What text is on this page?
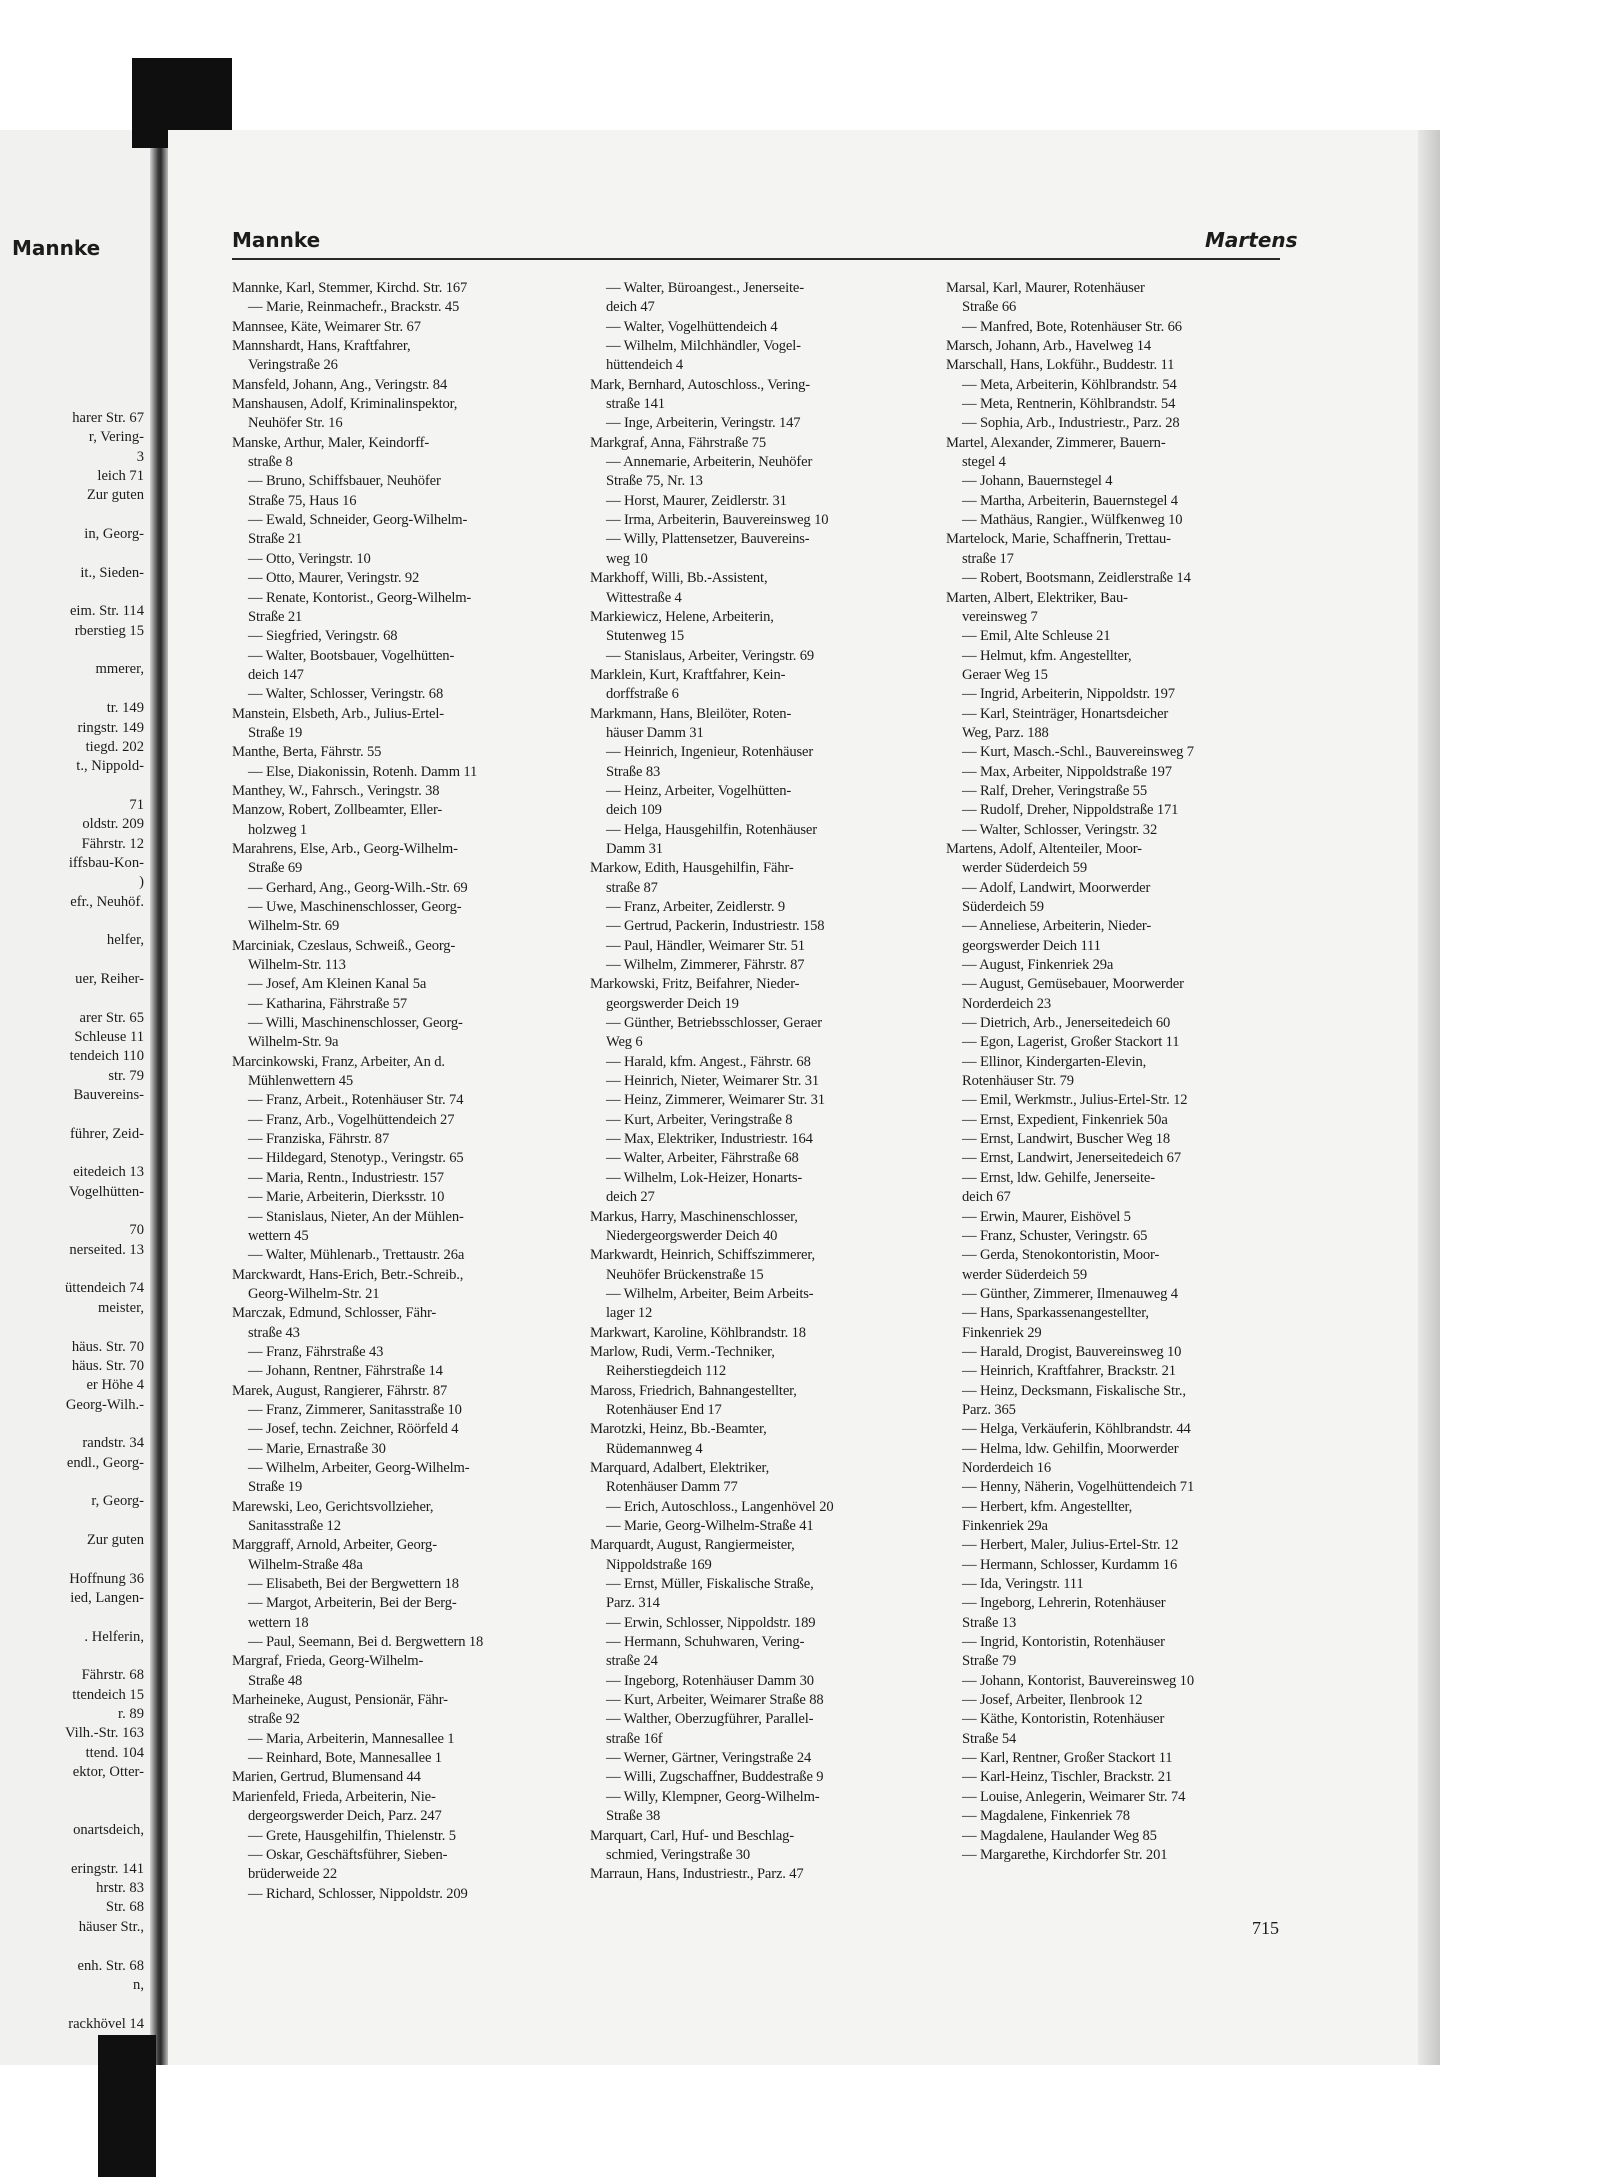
harer Str. 67
r, Vering-
3
leich 71
Zur guten
in, Georg-
it., Sieden-
eim. Str. 114
rberstieg 15
mmerer,
tr. 149
ringstr. 149
tiegd. 202
t., Nippold-
71
oldstr. 209
Fährstr. 12
iffsbau-Kon-
)
efr., Neuhöf.
helfer,
uer, Reiher-
arer Str. 65
Schleuse 11
tendeich 110
str. 79
Bauvereins-
führer, Zeid-
eitedeich 13
Vogelhütten-
70
nerseited. 13
üttendeich 74
meister,
häus. Str. 70
häus. Str. 70
er Höhe 4
Georg-Wilh.-
randstr. 34
endl., Georg-
r, Georg-
Zur guten
Hoffnung 36
ied, Langen-
. Helferin,
Fährstr. 68
ttendeich 15
r. 89
Vilh.-Str. 163
ttend. 104
ektor, Otter-
onartsdeich,
eringstr. 141
hrstr. 83
Str. 68
häuser Str.,
enh. Str. 68
n,
rackhövel 14
Mannke	Mannke	Martens
Mannke, Karl, Stemmer, Kirchd. Str. 167
— Marie, Reinmachefr., Brackstr. 45
Mannsee, Käte, Weimarer Str. 67
Mannshardt, Hans, Kraftfahrer,
Veringstraße 26
Mansfeld, Johann, Ang., Veringstr. 84
Manshausen, Adolf, Kriminalinspektor,
Neuhöfer Str. 16
Manske, Arthur, Maler, Keindorff-
straße 8
— Bruno, Schiffsbauer, Neuhöfer
Straße 75, Haus 16
— Ewald, Schneider, Georg-Wilhelm-
Straße 21
— Otto, Veringstr. 10
— Otto, Maurer, Veringstr. 92
— Renate, Kontorist., Georg-Wilhelm-
Straße 21
— Siegfried, Veringstr. 68
— Walter, Bootsbauer, Vogelhütten-
deich 147
— Walter, Schlosser, Veringstr. 68
Manstein, Elsbeth, Arb., Julius-Ertel-
Straße 19
Manthe, Berta, Fährstr. 55
— Else, Diakonissin, Rotenh. Damm 11
Manthey, W., Fahrsch., Veringstr. 38
Manzow, Robert, Zollbeamter, Eller-
holzweg 1
Marahrens, Else, Arb., Georg-Wilhelm-
Straße 69
— Gerhard, Ang., Georg-Wilh.-Str. 69
— Uwe, Maschinenschlosser, Georg-
Wilhelm-Str. 69
Marciniak, Czeslaus, Schweiß., Georg-
Wilhelm-Str. 113
— Josef, Am Kleinen Kanal 5a
— Katharina, Fährstraße 57
— Willi, Maschinenschlosser, Georg-
Wilhelm-Str. 9a
Marcinkowski, Franz, Arbeiter, An d.
Mühlenwettern 45
— Franz, Arbeit., Rotenhäuser Str. 74
— Franz, Arb., Vogelhüttendeich 27
— Franziska, Fährstr. 87
— Hildegard, Stenotyp., Veringstr. 65
— Maria, Rentn., Industriestr. 157
— Marie, Arbeiterin, Dierksstr. 10
— Stanislaus, Nieter, An der Mühlen-
wettern 45
— Walter, Mühlenarb., Trettaustr. 26a
Marckwardt, Hans-Erich, Betr.-Schreib.,
Georg-Wilhelm-Str. 21
Marczak, Edmund, Schlosser, Fähr-
straße 43
— Franz, Fährstraße 43
— Johann, Rentner, Fährstraße 14
Marek, August, Rangierer, Fährstr. 87
— Franz, Zimmerer, Sanitasstraße 10
— Josef, techn. Zeichner, Röörfeld 4
— Marie, Ernastraße 30
— Wilhelm, Arbeiter, Georg-Wilhelm-
Straße 19
Marewski, Leo, Gerichtsvollzieher,
Sanitasstraße 12
Marggraff, Arnold, Arbeiter, Georg-
Wilhelm-Straße 48a
— Elisabeth, Bei der Bergwettern 18
— Margot, Arbeiterin, Bei der Berg-
wettern 18
— Paul, Seemann, Bei d. Bergwettern 18
Margraf, Frieda, Georg-Wilhelm-
Straße 48
Marheineke, August, Pensionär, Fähr-
straße 92
— Maria, Arbeiterin, Mannesallee 1
— Reinhard, Bote, Mannesallee 1
Marien, Gertrud, Blumensand 44
Marienfeld, Frieda, Arbeiterin, Nie-
dergeorgswerder Deich, Parz. 247
— Grete, Hausgehilfin, Thielenstr. 5
— Oskar, Geschäftsführer, Sieben-
brüderweide 22
— Richard, Schlosser, Nippoldstr. 209
— Walter, Büroangest., Jenerseite-
deich 47
— Walter, Vogelhüttendeich 4
— Wilhelm, Milchhändler, Vogel-
hüttendeich 4
Mark, Bernhard, Autoschloss., Vering-
straße 141
— Inge, Arbeiterin, Veringstr. 147
Markgraf, Anna, Fährstraße 75
— Annemarie, Arbeiterin, Neuhöfer
Straße 75, Nr. 13
— Horst, Maurer, Zeidlerstr. 31
— Irma, Arbeiterin, Bauvereinsweg 10
— Willy, Plattensetzer, Bauvereins-
weg 10
Markhoff, Willi, Bb.-Assistent,
Wittestraße 4
Markiewicz, Helene, Arbeiterin,
Stutenweg 15
— Stanislaus, Arbeiter, Veringstr. 69
Marklein, Kurt, Kraftfahrer, Kein-
dorffstraße 6
Markmann, Hans, Bleilöter, Roten-
häuser Damm 31
— Heinrich, Ingenieur, Rotenhäuser
Straße 83
— Heinz, Arbeiter, Vogelhütten-
deich 109
— Helga, Hausgehilfin, Rotenhäuser
Damm 31
Markow, Edith, Hausgehilfin, Fähr-
straße 87
— Franz, Arbeiter, Zeidlerstr. 9
— Gertrud, Packerin, Industriestr. 158
— Paul, Händler, Weimarer Str. 51
— Wilhelm, Zimmerer, Fährstr. 87
Markowski, Fritz, Beifahrer, Nieder-
georgswerder Deich 19
— Günther, Betriebsschlosser, Geraer
Weg 6
— Harald, kfm. Angest., Fährstr. 68
— Heinrich, Nieter, Weimarer Str. 31
— Heinz, Zimmerer, Weimarer Str. 31
— Kurt, Arbeiter, Veringstraße 8
— Max, Elektriker, Industriestr. 164
— Walter, Arbeiter, Fährstraße 68
— Wilhelm, Lok-Heizer, Honarts-
deich 27
Markus, Harry, Maschinenschlosser,
Niedergeorgswerder Deich 40
Markwardt, Heinrich, Schiffszimmerer,
Neuhöfer Brückenstraße 15
— Wilhelm, Arbeiter, Beim Arbeits-
lager 12
Markwart, Karoline, Köhlbrandstr. 18
Marlow, Rudi, Verm.-Techniker,
Reiherstiegdeich 112
Maross, Friedrich, Bahnangestellter,
Rotenhäuser End 17
Marotzki, Heinz, Bb.-Beamter,
Rüdemannweg 4
Marquard, Adalbert, Elektriker,
Rotenhäuser Damm 77
— Erich, Autoschloss., Langenhövel 20
— Marie, Georg-Wilhelm-Straße 41
Marquardt, August, Rangiermeister,
Nippoldstraße 169
— Ernst, Müller, Fiskalische Straße,
Parz. 314
— Erwin, Schlosser, Nippoldstr. 189
— Hermann, Schuhwaren, Vering-
straße 24
— Ingeborg, Rotenhäuser Damm 30
— Kurt, Arbeiter, Weimarer Straße 88
— Walther, Oberzugführer, Parallel-
straße 16f
— Werner, Gärtner, Veringstraße 24
— Willi, Zugschaffner, Buddestraße 9
— Willy, Klempner, Georg-Wilhelm-
Straße 38
Marquart, Carl, Huf- und Beschlag-
schmied, Veringstraße 30
Marraun, Hans, Industriestr., Parz. 47
Marsal, Karl, Maurer, Rotenhäuser
Straße 66
— Manfred, Bote, Rotenhäuser Str. 66
Marsch, Johann, Arb., Havelweg 14
Marschall, Hans, Lokführ., Buddestr. 11
— Meta, Arbeiterin, Köhlbrandstr. 54
— Meta, Rentnerin, Köhlbrandstr. 54
— Sophia, Arb., Industriestr., Parz. 28
Martel, Alexander, Zimmerer, Bauern-
stegel 4
— Johann, Bauernstegel 4
— Martha, Arbeiterin, Bauernstegel 4
— Mathäus, Rangier., Wülfkenweg 10
Martelock, Marie, Schaffnerin, Trettau-
straße 17
— Robert, Bootsmann, Zeidlerstraße 14
Marten, Albert, Elektriker, Bau-
vereinsweg 7
— Emil, Alte Schleuse 21
— Helmut, kfm. Angestellter,
Geraer Weg 15
— Ingrid, Arbeiterin, Nippoldstr. 197
— Karl, Steinträger, Honartsdeicher
Weg, Parz. 188
— Kurt, Masch.-Schl., Bauvereinsweg 7
— Max, Arbeiter, Nippoldstraße 197
— Ralf, Dreher, Veringstraße 55
— Rudolf, Dreher, Nippoldstraße 171
— Walter, Schlosser, Veringstr. 32
Martens, Adolf, Altenteiler, Moor-
werder Süderdeich 59
— Adolf, Landwirt, Moorwerder
Süderdeich 59
— Anneliese, Arbeiterin, Nieder-
georgswerder Deich 111
— August, Finkenriek 29a
— August, Gemüsebauer, Moorwerder
Norderdeich 23
— Dietrich, Arb., Jenerseitedeich 60
— Egon, Lagerist, Großer Stackort 11
— Ellinor, Kindergarten-Elevin,
Rotenhäuser Str. 79
— Emil, Werkmstr., Julius-Ertel-Str. 12
— Ernst, Expedient, Finkenriek 50a
— Ernst, Landwirt, Buscher Weg 18
— Ernst, Landwirt, Jenerseitedeich 67
— Ernst, ldw. Gehilfe, Jenerseite-
deich 67
— Erwin, Maurer, Eishövel 5
— Franz, Schuster, Veringstr. 65
— Gerda, Stenokontoristin, Moor-
werder Süderdeich 59
— Günther, Zimmerer, Ilmenauweg 4
— Hans, Sparkassenangestellter,
Finkenriek 29
— Harald, Drogist, Bauvereinsweg 10
— Heinrich, Kraftfahrer, Brackstr. 21
— Heinz, Decksmann, Fiskalische Str.,
Parz. 365
— Helga, Verkäuferin, Köhlbrandstr. 44
— Helma, ldw. Gehilfin, Moorwerder
Norderdeich 16
— Henny, Näherin, Vogelhüttendeich 71
— Herbert, kfm. Angestellter,
Finkenriek 29a
— Herbert, Maler, Julius-Ertel-Str. 12
— Hermann, Schlosser, Kurdamm 16
— Ida, Veringstr. 111
— Ingeborg, Lehrerin, Rotenhäuser
Straße 13
— Ingrid, Kontoristin, Rotenhäuser
Straße 79
— Johann, Kontorist, Bauvereinsweg 10
— Josef, Arbeiter, Ilenbrook 12
— Käthe, Kontoristin, Rotenhäuser
Straße 54
— Karl, Rentner, Großer Stackort 11
— Karl-Heinz, Tischler, Brackstr. 21
— Louise, Anlegerin, Weimarer Str. 74
— Magdalene, Finkenriek 78
— Magdalene, Haulander Weg 85
— Margarethe, Kirchdorfer Str. 201
715
